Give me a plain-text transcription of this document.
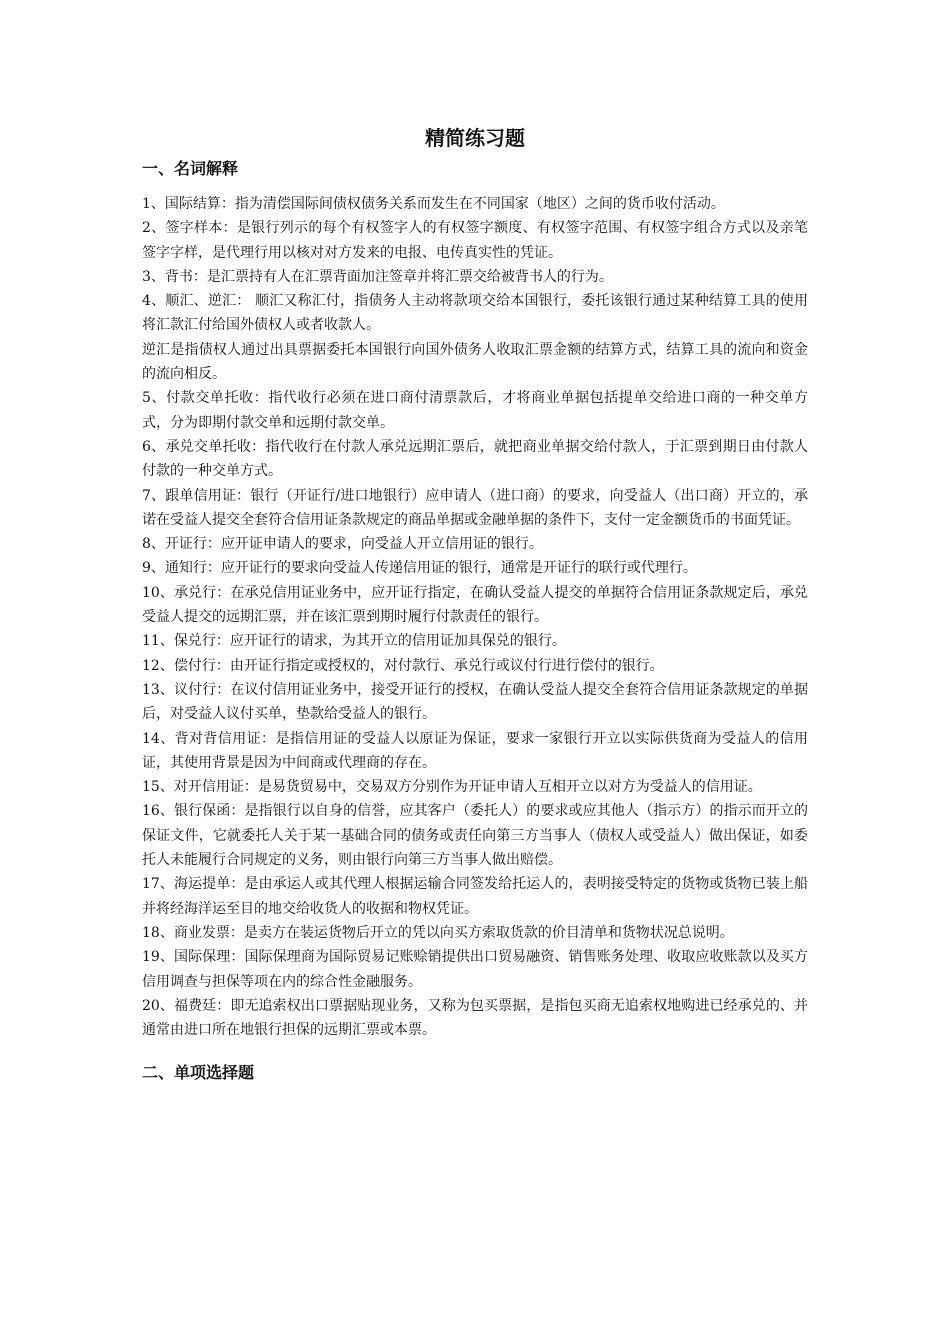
精简练习题
一、名词解释
1、国际结算：指为清偿国际间债权债务关系而发生在不同国家（地区）之间的货币收付活动。
2、签字样本：是银行列示的每个有权签字人的有权签字额度、有权签字范围、有权签字组合方式以及亲笔签字字样，是代理行用以核对对方发来的电报、电传真实性的凭证。
3、背书：是汇票持有人在汇票背面加注签章并将汇票交给被背书人的行为。
4、顺汇、逆汇： 顺汇又称汇付，指债务人主动将款项交给本国银行，委托该银行通过某种结算工具的使用将汇款汇付给国外债权人或者收款人。
逆汇是指债权人通过出具票据委托本国银行向国外债务人收取汇票金额的结算方式，结算工具的流向和资金的流向相反。
5、付款交单托收：指代收行必须在进口商付清票款后，才将商业单据包括提单交给进口商的一种交单方式，分为即期付款交单和远期付款交单。
6、承兑交单托收：指代收行在付款人承兑远期汇票后，就把商业单据交给付款人，于汇票到期日由付款人付款的一种交单方式。
7、跟单信用证：银行（开证行/进口地银行）应申请人（进口商）的要求，向受益人（出口商）开立的，承诺在受益人提交全套符合信用证条款规定的商品单据或金融单据的条件下，支付一定金额货币的书面凭证。
8、开证行：应开证申请人的要求，向受益人开立信用证的银行。
9、通知行：应开证行的要求向受益人传递信用证的银行，通常是开证行的联行或代理行。
10、承兑行：在承兑信用证业务中，应开证行指定，在确认受益人提交的单据符合信用证条款规定后，承兑受益人提交的远期汇票，并在该汇票到期时履行付款责任的银行。
11、保兑行：应开证行的请求，为其开立的信用证加具保兑的银行。
12、偿付行：由开证行指定或授权的，对付款行、承兑行或议付行进行偿付的银行。
13、议付行：在议付信用证业务中，接受开证行的授权，在确认受益人提交全套符合信用证条款规定的单据后，对受益人议付买单，垫款给受益人的银行。
14、背对背信用证：是指信用证的受益人以原证为保证，要求一家银行开立以实际供货商为受益人的信用证，其使用背景是因为中间商或代理商的存在。
15、对开信用证：是易货贸易中，交易双方分别作为开证申请人互相开立以对方为受益人的信用证。
16、银行保函：是指银行以自身的信誉，应其客户（委托人）的要求或应其他人（指示方）的指示而开立的保证文件，它就委托人关于某一基础合同的债务或责任向第三方当事人（债权人或受益人）做出保证，如委托人未能履行合同规定的义务，则由银行向第三方当事人做出赔偿。
17、海运提单：是由承运人或其代理人根据运输合同签发给托运人的，表明接受特定的货物或货物已装上船并将经海洋运至目的地交给收货人的收据和物权凭证。
18、商业发票：是卖方在装运货物后开立的凭以向买方索取货款的价目清单和货物状况总说明。
19、国际保理：国际保理商为国际贸易记账赊销提供出口贸易融资、销售账务处理、收取应收账款以及买方信用调查与担保等项在内的综合性金融服务。
20、福费廷：即无追索权出口票据贴现业务，又称为包买票据，是指包买商无追索权地购进已经承兑的、并通常由进口所在地银行担保的远期汇票或本票。
二、单项选择题
